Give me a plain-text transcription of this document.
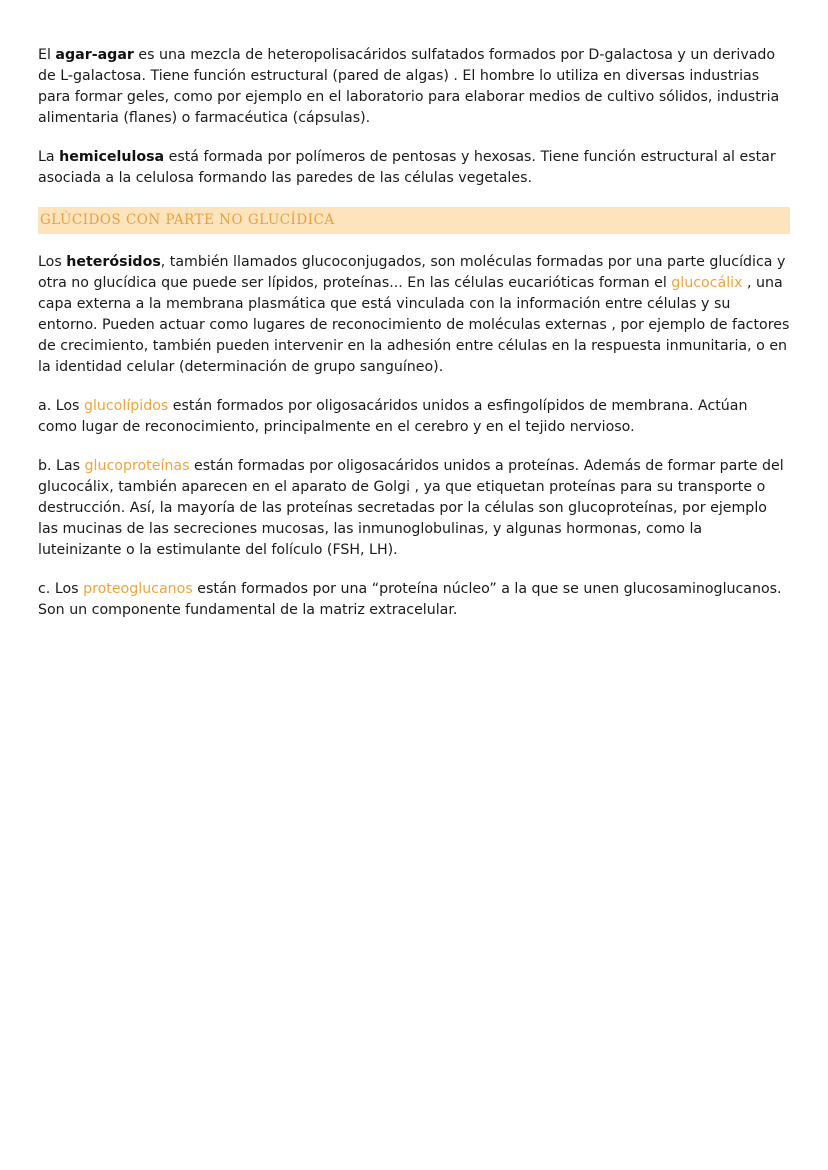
El agar-agar es una mezcla de heteropolisacáridos sulfatados formados por D-galactosa y un derivado de L-galactosa. Tiene función estructural (pared de algas) . El hombre lo utiliza en diversas industrias para formar geles, como por ejemplo en el laboratorio para elaborar medios de cultivo sólidos, industria alimentaria (flanes) o farmacéutica (cápsulas).

La hemicelulosa está formada por polímeros de pentosas y hexosas. Tiene función estructural al estar asociada a la celulosa formando las paredes de las células vegetales.

GLÚCIDOS CON PARTE NO GLUCÍDICA

Los heterósidos, también llamados glucoconjugados, son moléculas formadas por una parte glucídica y otra no glucídica que puede ser lípidos, proteínas... En las células eucarióticas forman el glucocálix , una capa externa a la membrana plasmática que está vinculada con la información entre células y su entorno. Pueden actuar como lugares de reconocimiento de moléculas externas , por ejemplo de factores de crecimiento, también pueden intervenir en la adhesión entre células en la respuesta inmunitaria, o en la identidad celular (determinación de grupo sanguíneo).

a. Los glucolípidos están formados por oligosacáridos unidos a esfingolípidos de membrana. Actúan como lugar de reconocimiento, principalmente en el cerebro y en el tejido nervioso.

b. Las glucoproteínas están formadas por oligosacáridos unidos a proteínas. Además de formar parte del glucocálix, también aparecen en el aparato de Golgi , ya que etiquetan proteínas para su transporte o destrucción. Así, la mayoría de las proteínas secretadas por la células son glucoproteínas, por ejemplo las mucinas de las secreciones mucosas, las inmunoglobulinas, y algunas hormonas, como la luteinizante o la estimulante del folículo (FSH, LH).

c. Los proteoglucanos están formados por una “proteína núcleo” a la que se unen glucosaminoglucanos. Son un componente fundamental de la matriz extracelular.
